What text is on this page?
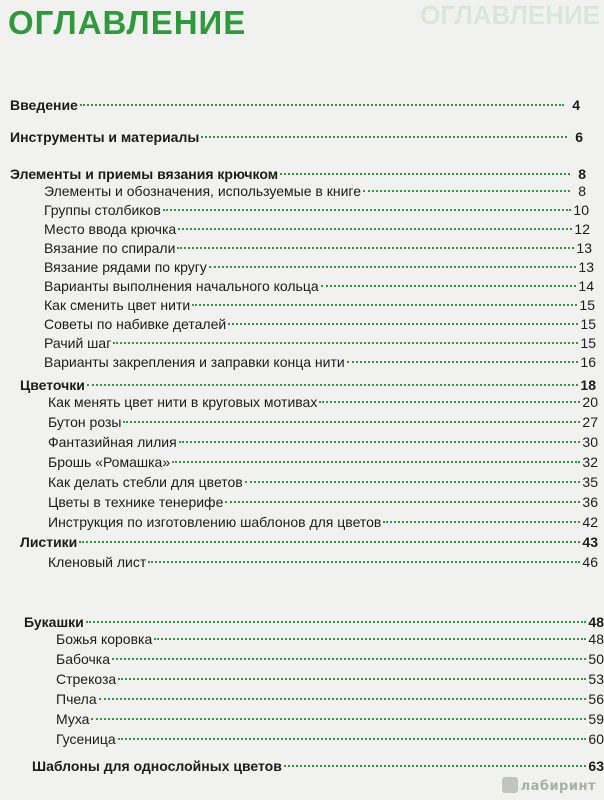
ОГЛАВЛЕНИЕ
ОГЛАВЛЕНИЕ
Введение	4
Инструменты и материалы	6
Элементы и приемы вязания крючком	8
Элементы и обозначения, используемые в книге	8
Группы столбиков	10
Место ввода крючка	12
Вязание по спирали	13
Вязание рядами по кругу	13
Варианты выполнения начального кольца	14
Как сменить цвет нити	15
Советы по набивке деталей	15
Рачий шаг	15
Варианты закрепления и заправки конца нити	16
Цветочки	18
Как менять цвет нити в круговых мотивах	20
Бутон розы	27
Фантазийная лилия	30
Брошь «Ромашка»	32
Как делать стебли для цветов	35
Цветы в технике тенерифе	36
Инструкция по изготовлению шаблонов для цветов	42
Листики	43
Кленовый лист	46
Букашки	48
Божья коровка	48
Бабочка	50
Стрекоза	53
Пчела	56
Муха	59
Гусеница	60
Шаблоны для однослойных цветов	63
лабиринт
